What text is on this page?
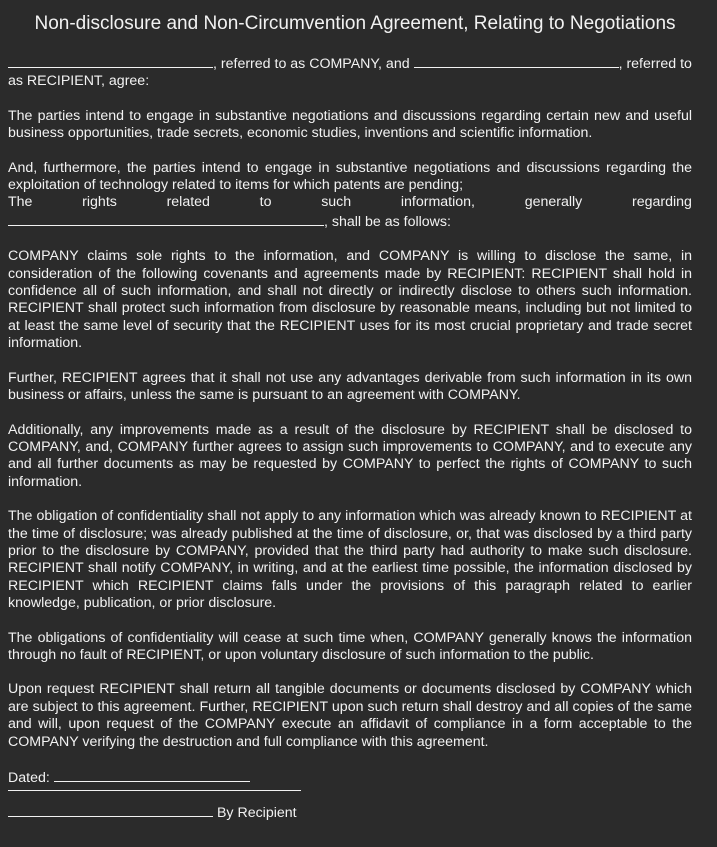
Non-disclosure and Non-Circumvention Agreement, Relating to Negotiations
, referred to as COMPANY, and	, referred to
as RECIPIENT, agree:
The parties intend to engage in substantive negotiations and discussions regarding certain new and useful business opportunities, trade secrets, economic studies, inventions and scientific information.
And, furthermore, the parties intend to engage in substantive negotiations and discussions regarding the exploitation of technology related to items for which patents are pending;
The	rights	related	to	such	information,	generally	regarding
, shall be as follows:
COMPANY claims sole rights to the information, and COMPANY is willing to disclose the same, in consideration of the following covenants and agreements made by RECIPIENT: RECIPIENT shall hold in confidence all of such information, and shall not directly or indirectly disclose to others such information. RECIPIENT shall protect such information from disclosure by reasonable means, including but not limited to at least the same level of security that the RECIPIENT uses for its most crucial proprietary and trade secret information.
Further, RECIPIENT agrees that it shall not use any advantages derivable from such information in its own business or affairs, unless the same is pursuant to an agreement with COMPANY.
Additionally, any improvements made as a result of the disclosure by RECIPIENT shall be disclosed to COMPANY, and, COMPANY further agrees to assign such improvements to COMPANY, and to execute any and all further documents as may be requested by COMPANY to perfect the rights of COMPANY to such information.
The obligation of confidentiality shall not apply to any information which was already known to RECIPIENT at the time of disclosure; was already published at the time of disclosure, or, that was disclosed by a third party prior to the disclosure by COMPANY, provided that the third party had authority to make such disclosure. RECIPIENT shall notify COMPANY, in writing, and at the earliest time possible, the information disclosed by RECIPIENT which RECIPIENT claims falls under the provisions of this paragraph related to earlier knowledge, publication, or prior disclosure.
The obligations of confidentiality will cease at such time when, COMPANY generally knows the information through no fault of RECIPIENT, or upon voluntary disclosure of such information to the public.
Upon request RECIPIENT shall return all tangible documents or documents disclosed by COMPANY which are subject to this agreement. Further, RECIPIENT upon such return shall destroy and all copies of the same and will, upon request of the COMPANY execute an affidavit of compliance in a form acceptable to the COMPANY verifying the destruction and full compliance with this agreement.
Dated:
By Recipient
